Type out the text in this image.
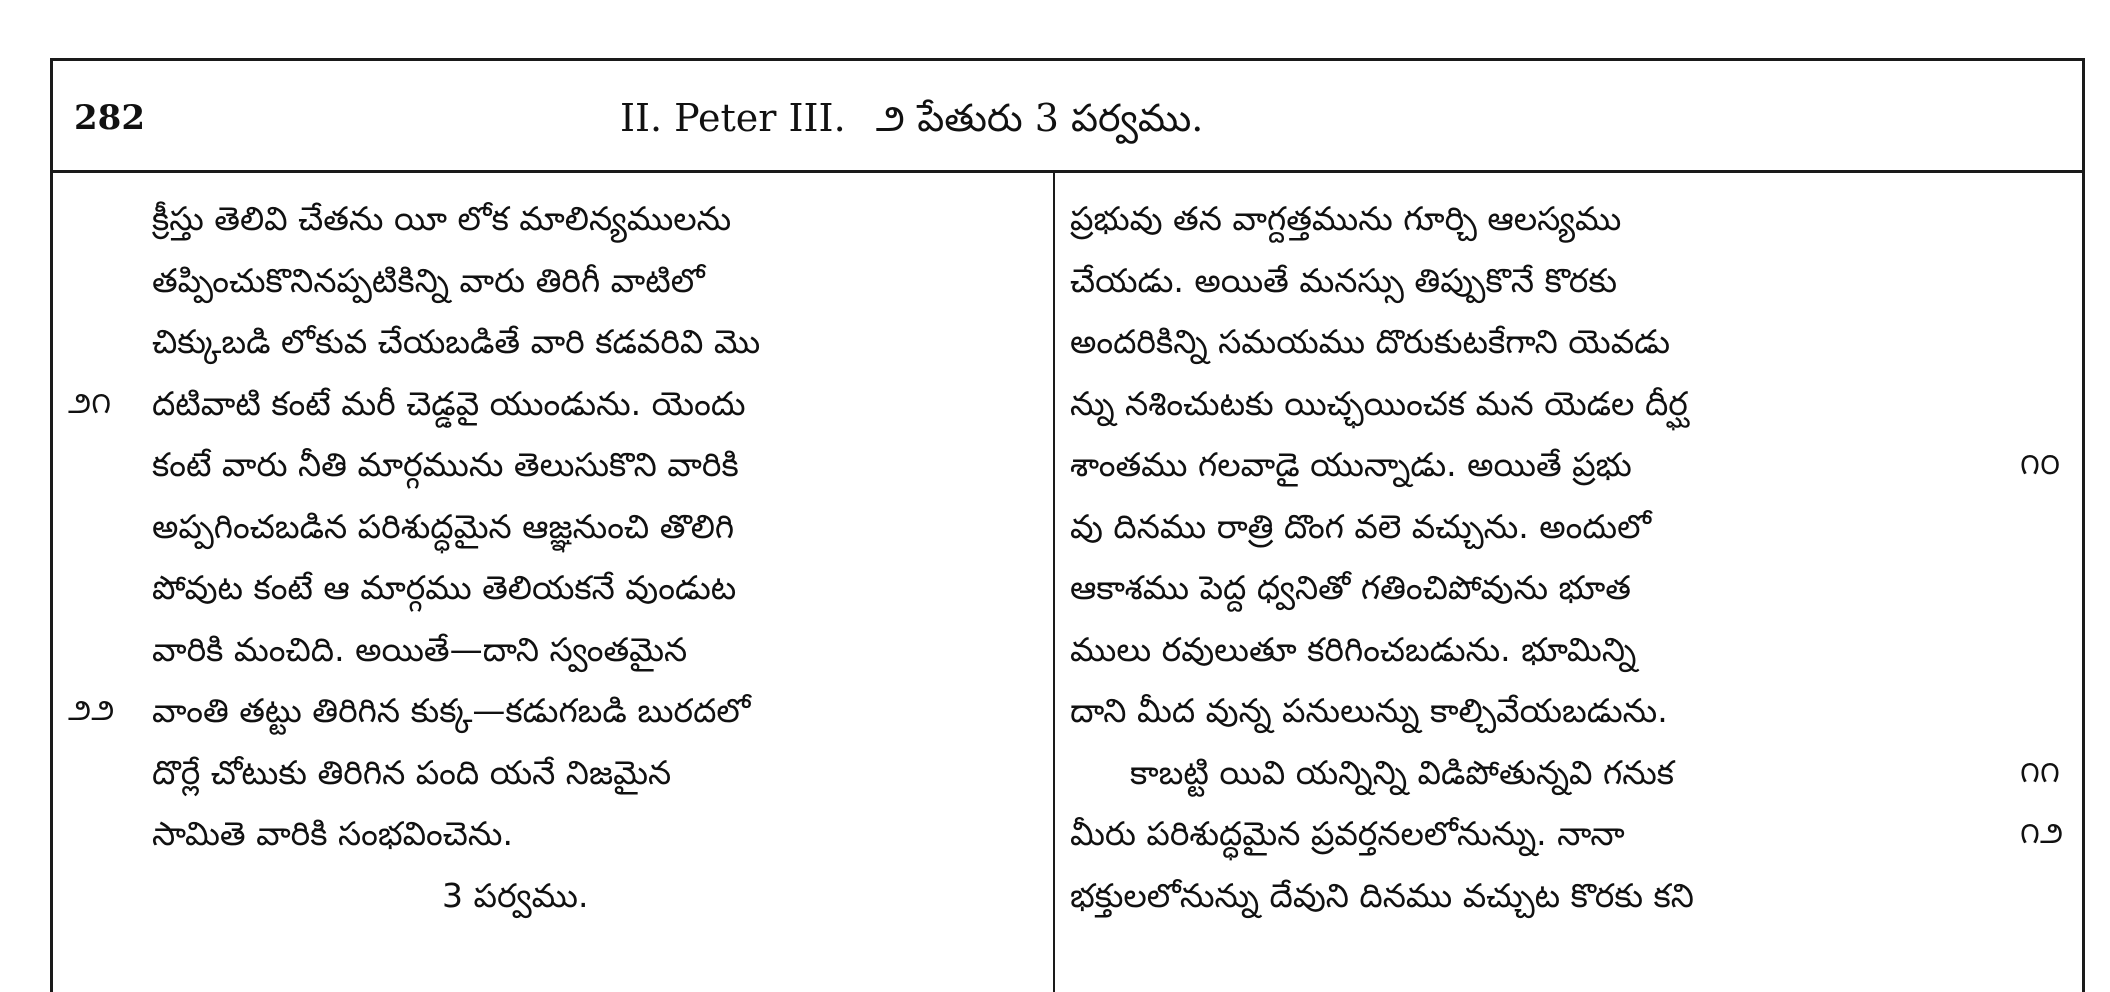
282	II. Peter III. ౨ పేతురు 3 పర్వము.
క్రీస్తు తెలివి చేతను యీ లోక మాలిన్యములను
తప్పించుకొనినప్పటికిన్ని వారు తిరిగీ వాటిలో
చిక్కుబడి లోకువ చేయబడితే వారి కడవరివి మొ
దటివాటి కంటే మరీ చెడ్డవై యుండును. యెందు
కంటే వారు నీతి మార్గమును తెలుసుకొని వారికి
అప్పగించబడిన పరిశుద్ధమైన ఆజ్ఞనుంచి తొలిగి
పోవుట కంటే ఆ మార్గము తెలియకనే వుండుట
వారికి మంచిది. అయితే—దాని స్వంతమైన
వాంతి తట్టు తిరిగిన కుక్క—కడుగబడి బురదలో
దొర్లే చోటుకు తిరిగిన పంది యనే నిజమైన
సామితె వారికి సంభవించెను.
3 పర్వము.
ప్రభువు తన వాగ్దత్తమును గూర్చి ఆలస్యము
చేయడు. అయితే మనస్సు తిప్పుకొనే కొరకు
అందరికిన్ని సమయము దొరుకుటకేగాని యెవడు
న్ను నశించుటకు యిచ్ఛయించక మన యెడల దీర్ఘ
శాంతము గలవాడై యున్నాడు. అయితే ప్రభు
వు దినము రాత్రి దొంగ వలె వచ్చును. అందులో
ఆకాశము పెద్ద ధ్వనితో గతించిపోవును భూత
ములు రవులుతూ కరిగించబడును. భూమిన్ని
దాని మీద వున్న పనులున్ను కాల్చివేయబడును.
కాబట్టి యివి యన్నిన్ని విడిపోతున్నవి గనుక
మీరు పరిశుద్ధమైన ప్రవర్తనలలోనున్ను. నానా
భక్తులలోనున్ను దేవుని దినము వచ్చుట కొరకు కని
౨౧
౨౨
౧౦
౧౧
౧౨
